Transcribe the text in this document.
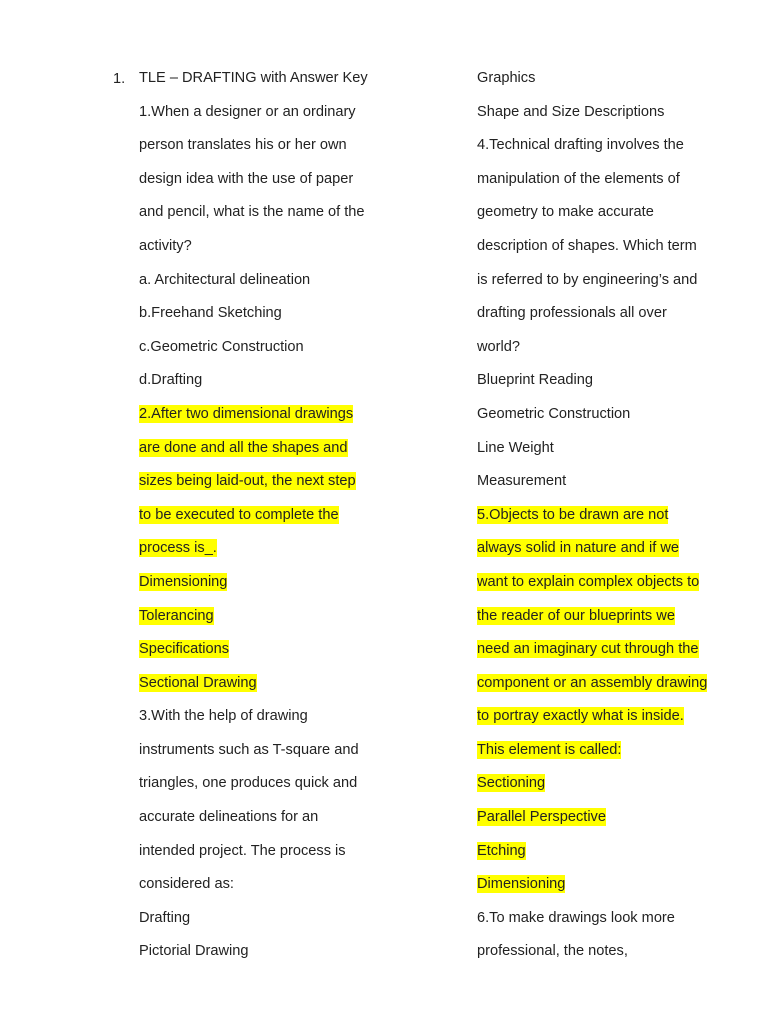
1. TLE – DRAFTING with Answer Key
1.When a designer or an ordinary
person translates his or her own
design idea with the use of paper
and pencil, what is the name of the
activity?
a. Architectural delineation
b.Freehand Sketching
c.Geometric Construction
d.Drafting
2.After two dimensional drawings
are done and all the shapes and
sizes being laid-out, the next step
to be executed to complete the
process is_.
Dimensioning
Tolerancing
Specifications
Sectional Drawing
3.With the help of drawing
instruments such as T-square and
triangles, one produces quick and
accurate delineations for an
intended project. The process is
considered as:
Drafting
Pictorial Drawing
Graphics
Shape and Size Descriptions
4.Technical drafting involves the
manipulation of the elements of
geometry to make accurate
description of shapes. Which term
is referred to by engineering’s and
drafting professionals all over
world?
Blueprint Reading
Geometric Construction
Line Weight
Measurement
5.Objects to be drawn are not
always solid in nature and if we
want to explain complex objects to
the reader of our blueprints we
need an imaginary cut through the
component or an assembly drawing
to portray exactly what is inside.
This element is called:
Sectioning
Parallel Perspective
Etching
Dimensioning
6.To make drawings look more
professional, the notes,
